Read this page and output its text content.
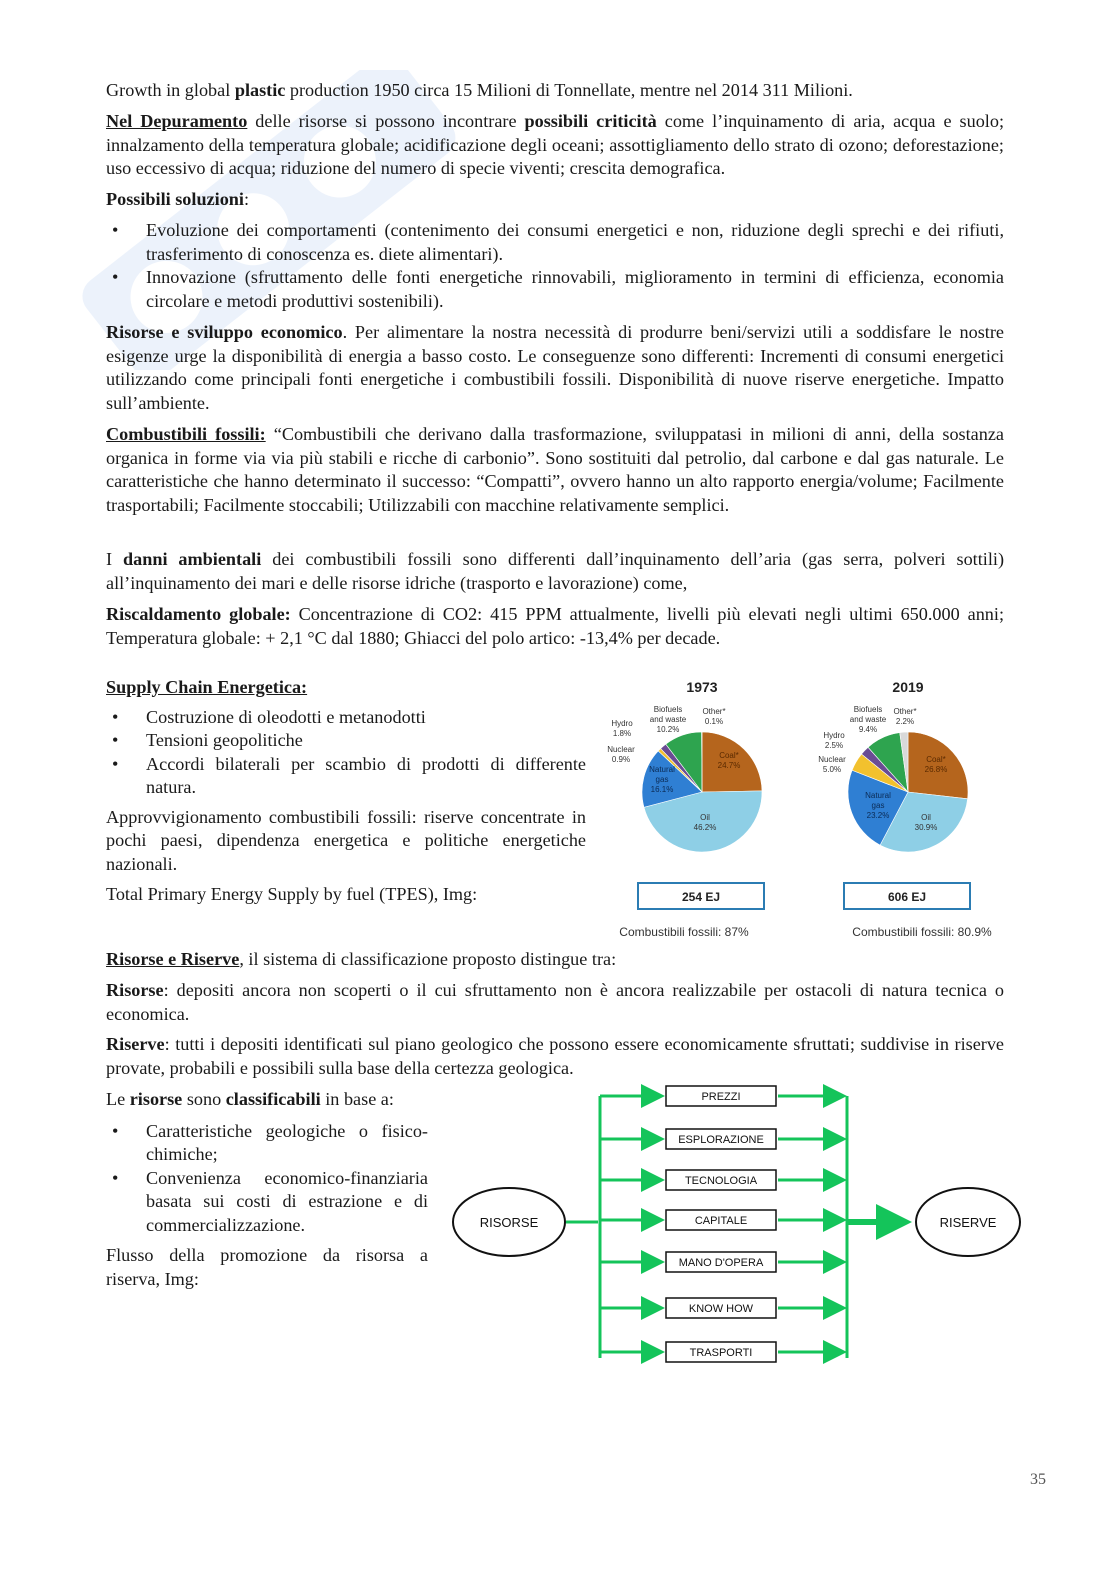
Growth in global plastic production 1950 circa 15 Milioni di Tonnellate, mentre nel 2014 311 Milioni.

Nel Depuramento delle risorse si possono incontrare possibili criticità come l’inquinamento di aria, acqua e suolo; innalzamento della temperatura globale; acidificazione degli oceani; assottigliamento dello strato di ozono; deforestazione; uso eccessivo di acqua; riduzione del numero di specie viventi; crescita demografica.

Possibili soluzioni:

• Evoluzione dei comportamenti (contenimento dei consumi energetici e non, riduzione degli sprechi e dei rifiuti, trasferimento di conoscenza es. diete alimentari).
• Innovazione (sfruttamento delle fonti energetiche rinnovabili, miglioramento in termini di efficienza, economia circolare e metodi produttivi sostenibili).

Risorse e sviluppo economico. Per alimentare la nostra necessità di produrre beni/servizi utili a soddisfare le nostre esigenze urge la disponibilità di energia a basso costo. Le conseguenze sono differenti: Incrementi di consumi energetici utilizzando come principali fonti energetiche i combustibili fossili. Disponibilità di nuove riserve energetiche. Impatto sull’ambiente.

Combustibili fossili: “Combustibili che derivano dalla trasformazione, sviluppatasi in milioni di anni, della sostanza organica in forme via via più stabili e ricche di carbonio”. Sono sostituiti dal petrolio, dal carbone e dal gas naturale. Le caratteristiche che hanno determinato il successo: “Compatti”, ovvero hanno un alto rapporto energia/volume; Facilmente trasportabili; Facilmente stoccabili; Utilizzabili con macchine relativamente semplici.

I danni ambientali dei combustibili fossili sono differenti dall’inquinamento dell’aria (gas serra, polveri sottili) all’inquinamento dei mari e delle risorse idriche (trasporto e lavorazione) come,

Riscaldamento globale: Concentrazione di CO2: 415 PPM attualmente, livelli più elevati negli ultimi 650.000 anni; Temperatura globale: + 2,1 °C dal 1880; Ghiacci del polo artico: -13,4% per decade.

Supply Chain Energetica:

• Costruzione di oleodotti e metanodotti
• Tensioni geopolitiche
• Accordi bilaterali per scambio di prodotti di differente natura.

Approvvigionamento combustibili fossili: riserve concentrate in pochi paesi, dipendenza energetica e politiche energetiche nazionali.

Total Primary Energy Supply by fuel (TPES), Img:

1973	2019
Biofuels
and waste
10.2%
Other*
0.1%
Hydro
1.8%
Nuclear
0.9%	Coal*
24.7%
Natural
gas
16.1%
Oil
46.2%
Biofuels
and waste
9.4%
Other*
2.2%
Hydro
2.5%
Nuclear
5.0%
Coal*
26.8%
Natural
gas
23.2%	Oil
30.9%
254 EJ	606 EJ
Combustibili fossili: 87%	Combustibili fossili: 80.9%

Risorse e Riserve, il sistema di classificazione proposto distingue tra:

Risorse: depositi ancora non scoperti o il cui sfruttamento non è ancora realizzabile per ostacoli di natura tecnica o economica.

Riserve: tutti i depositi identificati sul piano geologico che possono essere economicamente sfruttati; suddivise in riserve provate, probabili e possibili sulla base della certezza geologica.

Le risorse sono classificabili in base a:

• Caratteristiche geologiche o fisico-chimiche;
• Convenienza economico-finanziaria basata sui costi di estrazione e di commercializzazione.

Flusso della promozione da risorsa a riserva, Img:

RISORSE	RISERVE
PREZZI
ESPLORAZIONE
TECNOLOGIA
CAPITALE
MANO D'OPERA
KNOW HOW
TRASPORTI
35
